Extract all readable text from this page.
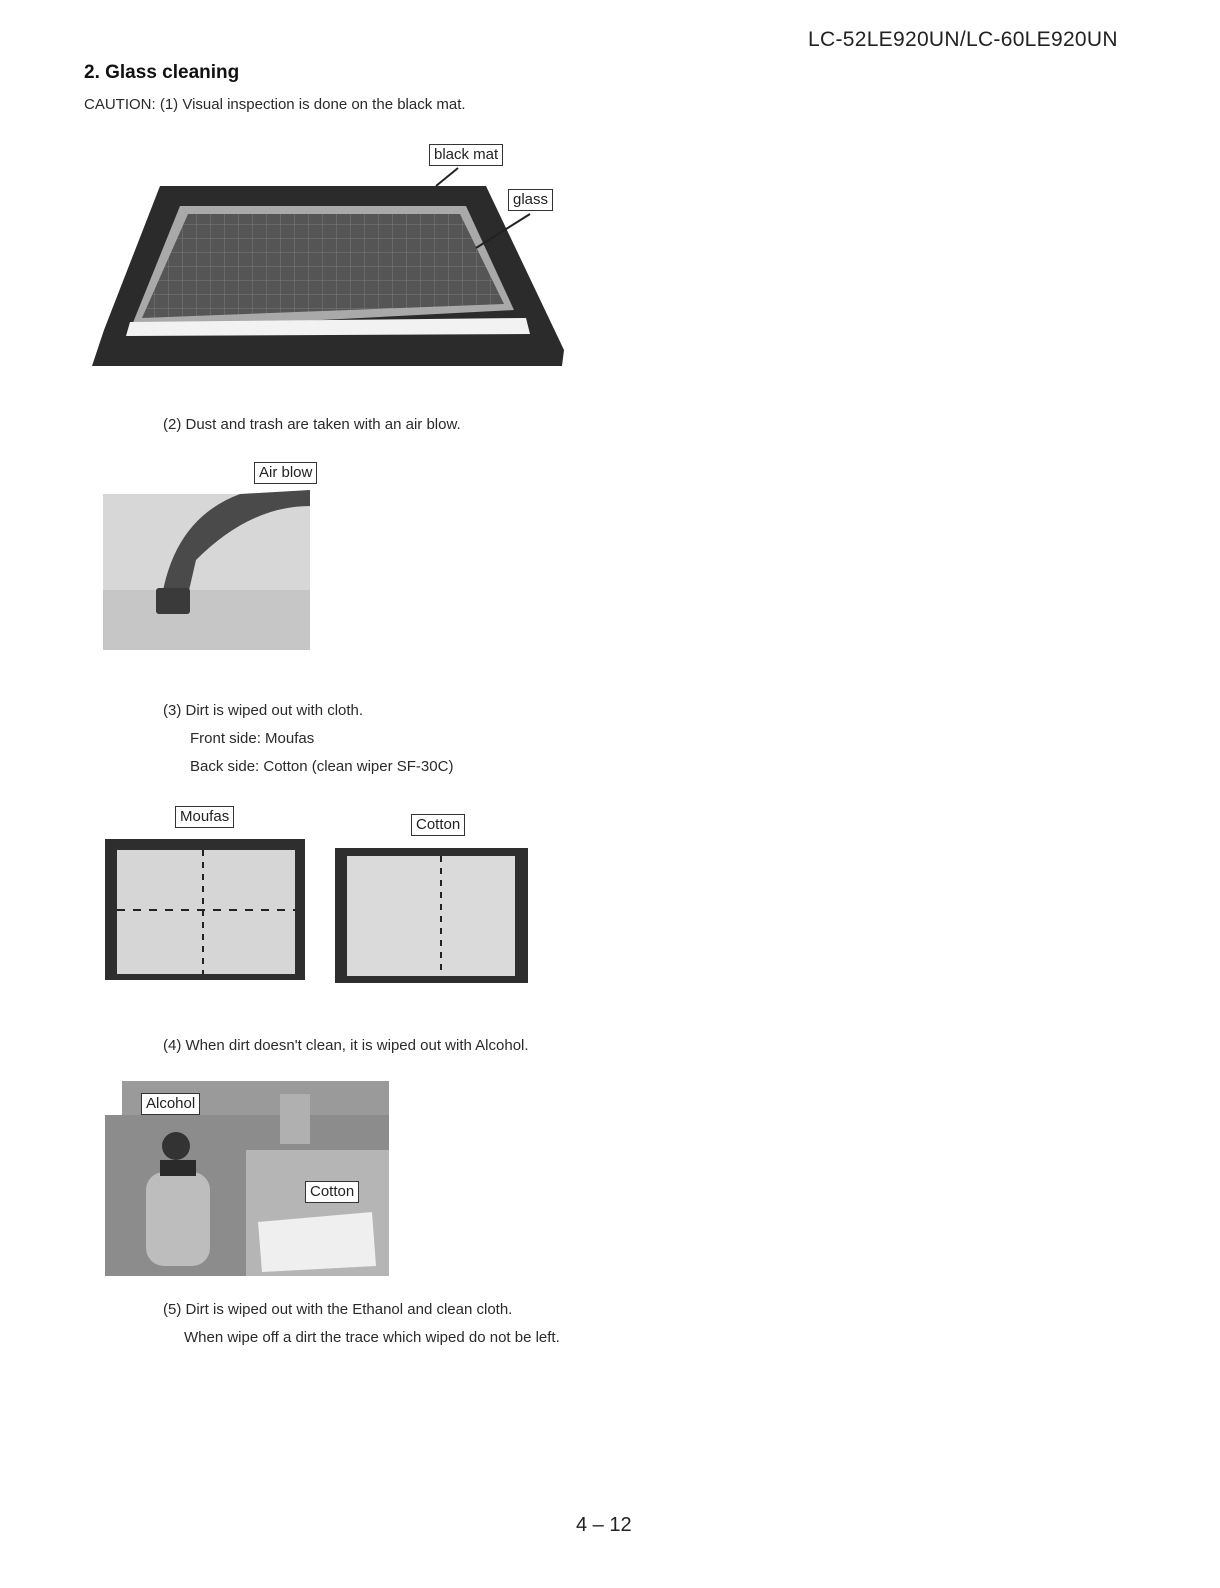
LC-52LE920UN/LC-60LE920UN
2. Glass cleaning
CAUTION: (1) Visual inspection is done on the black mat.
black mat
glass
(2) Dust and trash are taken with an air blow.
Air blow
(3) Dirt is wiped out with cloth.
Front side: Moufas
Back side: Cotton (clean wiper SF-30C)
Moufas	Cotton
(4) When dirt doesn't clean, it is wiped out with Alcohol.
Alcohol
Cotton
(5) Dirt is wiped out with the Ethanol and clean cloth.
When wipe off a dirt the trace which wiped do not be left.
4 – 12
